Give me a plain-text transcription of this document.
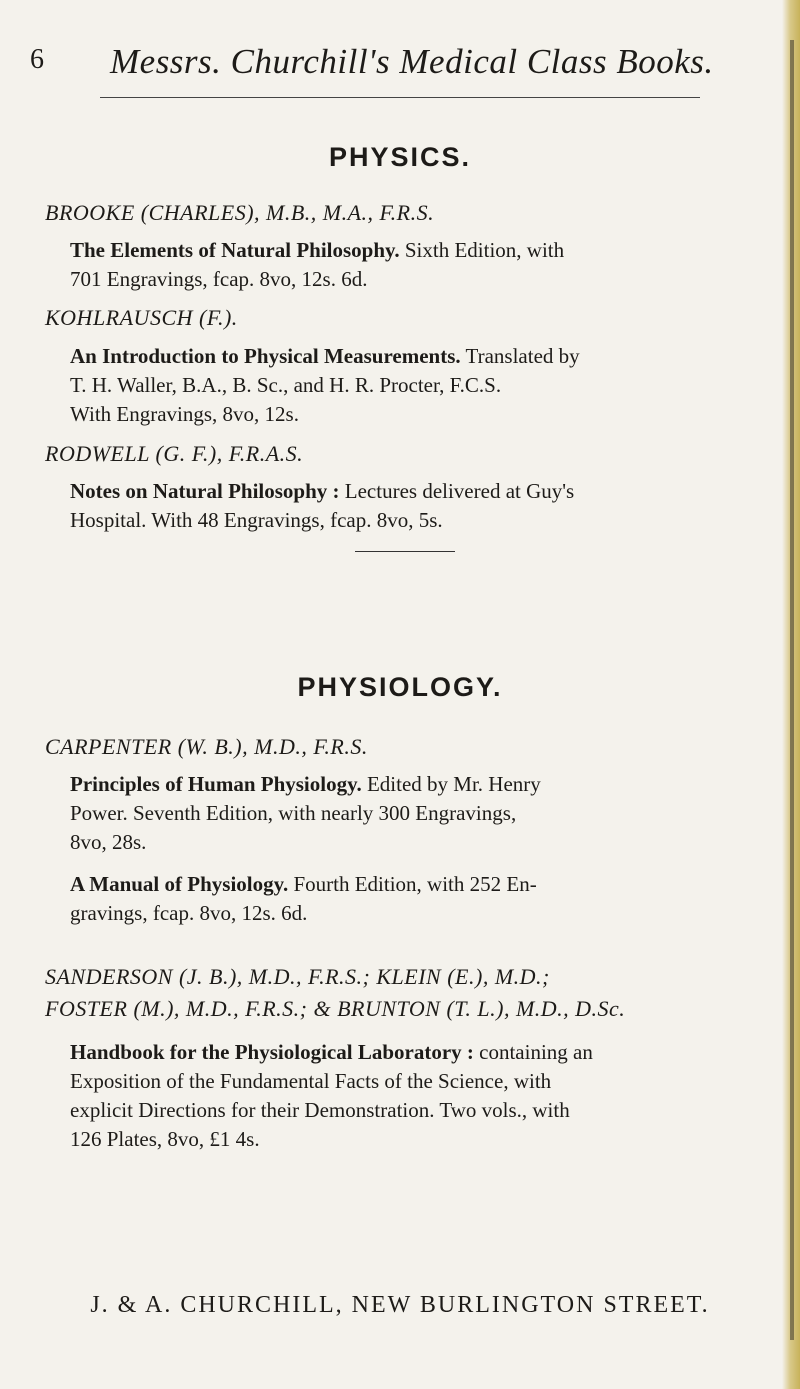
6 Messrs. Churchill's Medical Class Books.
PHYSICS.
BROOKE (CHARLES), M.B., M.A., F.R.S.
The Elements of Natural Philosophy. Sixth Edition, with
701 Engravings, fcap. 8vo, 12s. 6d.
KOHLRAUSCH (F.).
An Introduction to Physical Measurements. Translated by
T. H. Waller, B.A., B. Sc., and H. R. Procter, F.C.S.
With Engravings, 8vo, 12s.
RODWELL (G. F.), F.R.A.S.
Notes on Natural Philosophy : Lectures delivered at Guy's
Hospital. With 48 Engravings, fcap. 8vo, 5s.
PHYSIOLOGY.
CARPENTER (W. B.), M.D., F.R.S.
Principles of Human Physiology. Edited by Mr. Henry
Power. Seventh Edition, with nearly 300 Engravings,
8vo, 28s.
A Manual of Physiology. Fourth Edition, with 252 En-
gravings, fcap. 8vo, 12s. 6d.
SANDERSON (J. B.), M.D., F.R.S.; KLEIN (E.), M.D.;
FOSTER (M.), M.D., F.R.S.; & BRUNTON (T. L.), M.D., D.Sc.
Handbook for the Physiological Laboratory : containing an
Exposition of the Fundamental Facts of the Science, with
explicit Directions for their Demonstration. Two vols., with
126 Plates, 8vo, £1 4s.
J. & A. CHURCHILL, NEW BURLINGTON STREET.
